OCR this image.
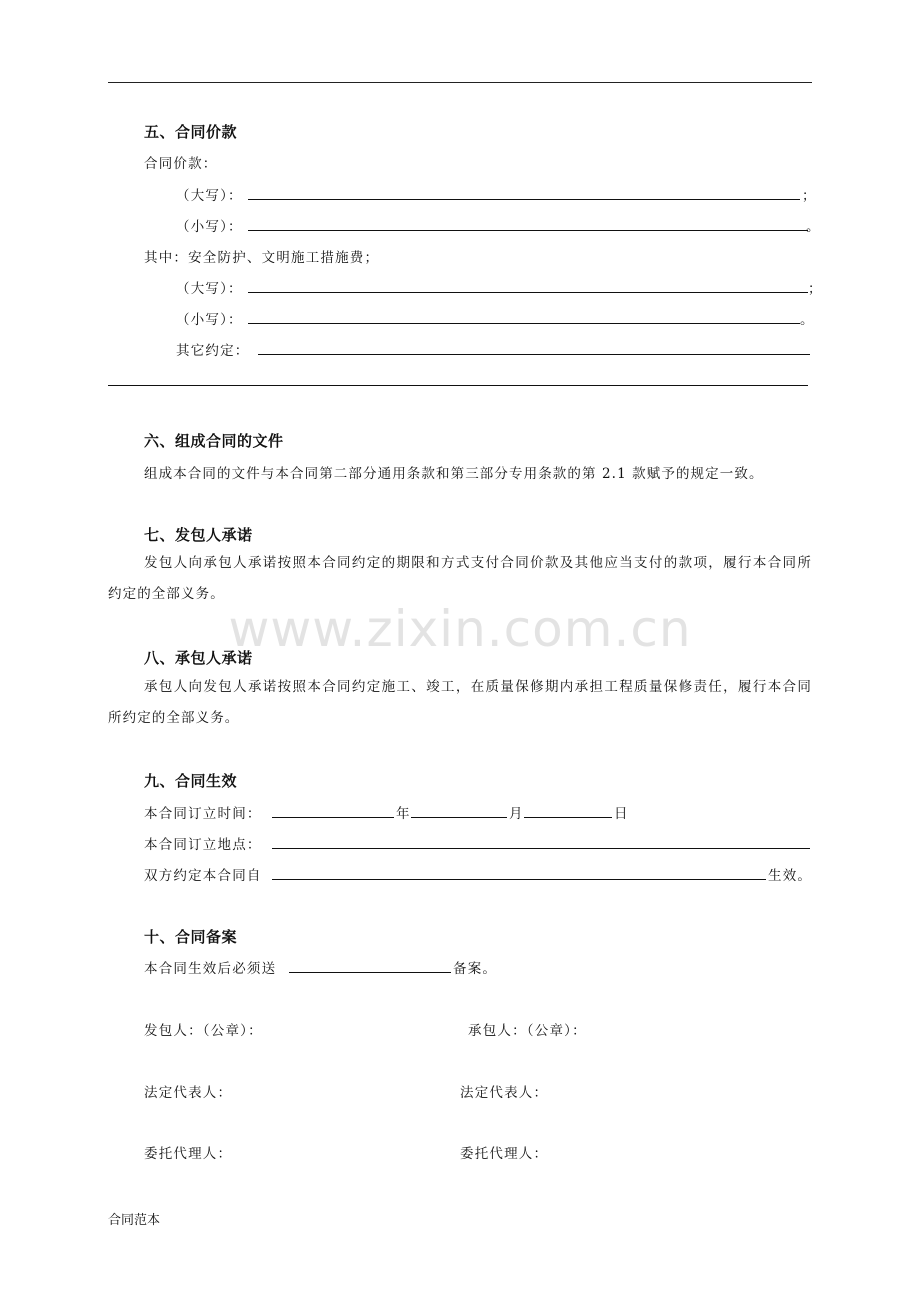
五、合同价款
合同价款：
（大写）：	；
（小写）：	。
其中：安全防护、文明施工措施费；
（大写）：	；
（小写）：	。
其它约定：
六、组成合同的文件
组成本合同的文件与本合同第二部分通用条款和第三部分专用条款的第 2.1 款赋予的规定一致。
七、发包人承诺
发包人向承包人承诺按照本合同约定的期限和方式支付合同价款及其他应当支付的款项，履行本合同所约定的全部义务。
www.zixin.com.cn
八、承包人承诺
承包人向发包人承诺按照本合同约定施工、竣工，在质量保修期内承担工程质量保修责任，履行本合同所约定的全部义务。
九、合同生效
本合同订立时间：	年	月	日
本合同订立地点：
双方约定本合同自	生效。
十、合同备案
本合同生效后必须送	备案。
发包人：（公章）：	承包人：（公章）：
法定代表人：	法定代表人：
委托代理人：	委托代理人：
合同范本
